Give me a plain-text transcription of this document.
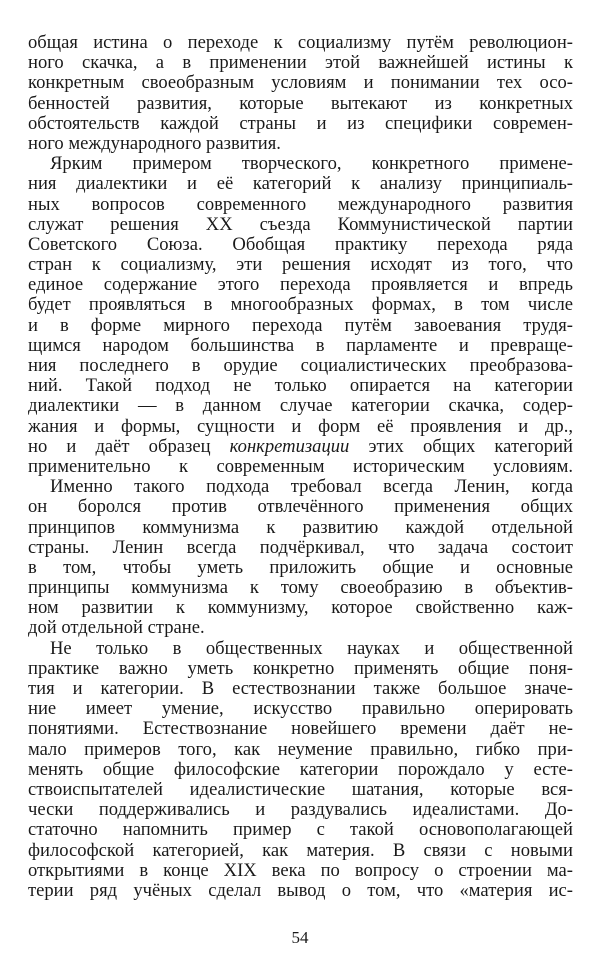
общая истина о переходе к социализму путём революцион-
ного скачка, а в применении этой важнейшей истины к
конкретным своеобразным условиям и понимании тех осо-
бенностей развития, которые вытекают из конкретных
обстоятельств каждой страны и из специфики современ-
ного международного развития.
Ярким примером творческого, конкретного примене-
ния диалектики и её категорий к анализу принципиаль-
ных вопросов современного международного развития
служат решения XX съезда Коммунистической партии
Советского Союза. Обобщая практику перехода ряда
стран к социализму, эти решения исходят из того, что
единое содержание этого перехода проявляется и впредь
будет проявляться в многообразных формах, в том числе
и в форме мирного перехода путём завоевания трудя-
щимся народом большинства в парламенте и превраще-
ния последнего в орудие социалистических преобразова-
ний. Такой подход не только опирается на категории
диалектики — в данном случае категории скачка, содер-
жания и формы, сущности и форм её проявления и др.,
но и даёт образец конкретизации этих общих категорий
применительно к современным историческим условиям.
Именно такого подхода требовал всегда Ленин, когда
он боролся против отвлечённого применения общих
принципов коммунизма к развитию каждой отдельной
страны. Ленин всегда подчёркивал, что задача состоит
в том, чтобы уметь приложить общие и основные
принципы коммунизма к тому своеобразию в объектив-
ном развитии к коммунизму, которое свойственно каж-
дой отдельной стране.
Не только в общественных науках и общественной
практике важно уметь конкретно применять общие поня-
тия и категории. В естествознании также большое значе-
ние имеет умение, искусство правильно оперировать
понятиями. Естествознание новейшего времени даёт не-
мало примеров того, как неумение правильно, гибко при-
менять общие философские категории порождало у есте-
ствоиспытателей идеалистические шатания, которые вся-
чески поддерживались и раздувались идеалистами. До-
статочно напомнить пример с такой основополагающей
философской категорией, как материя. В связи с новыми
открытиями в конце XIX века по вопросу о строении ма-
терии ряд учёных сделал вывод о том, что «материя ис-
54
